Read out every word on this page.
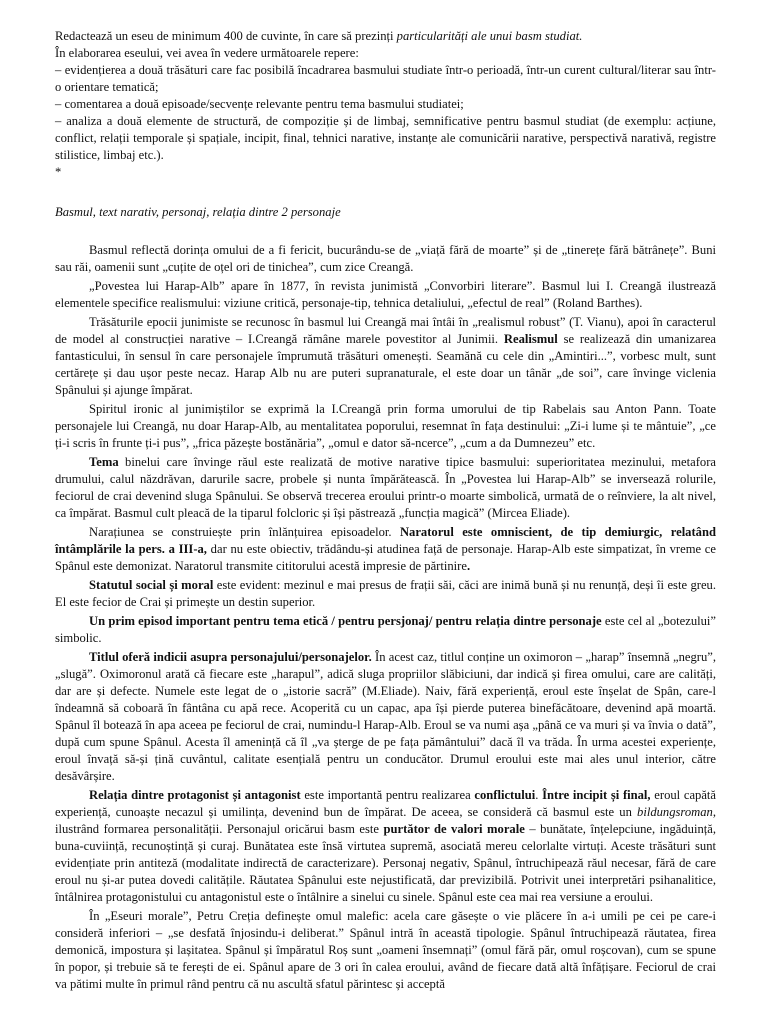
Redactează un eseu de minimum 400 de cuvinte, în care să prezinți particularități ale unui basm studiat.

În elaborarea eseului, vei avea în vedere următoarele repere:

– evidențierea a două trăsături care fac posibilă încadrarea basmului studiate într-o perioadă, într-un curent cultural/literar sau într-o orientare tematică;

– comentarea a două episoade/secvențe relevante pentru tema basmului studiatei;

– analiza a două elemente de structură, de compoziție și de limbaj, semnificative pentru basmul studiat (de exemplu: acțiune, conflict, relații temporale și spațiale, incipit, final, tehnici narative, instanțe ale comunicării narative, perspectivă narativă, registre stilistice, limbaj etc.).

*

Basmul, text narativ, personaj, relația dintre 2 personaje

Basmul reflectă dorința omului de a fi fericit, bucurându-se de „viață fără de moarte” și de „tinerețe fără bătrânețe”. Buni sau răi, oamenii sunt „cuțite de oțel ori de tinichea”, cum zice Creangă.

„Povestea lui Harap-Alb” apare în 1877, în revista junimistă „Convorbiri literare”. Basmul lui I. Creangă ilustrează elementele specifice realismului: viziune critică, personaje-tip, tehnica detaliului, „efectul de real” (Roland Barthes).

Trăsăturile epocii junimiste se recunosc în basmul lui Creangă mai întâi în „realismul robust” (T. Vianu), apoi în caracterul de model al construcției narative – I.Creangă rămâne marele povestitor al Junimii. Realismul se realizează din umanizarea fantasticului, în sensul în care personajele împrumută trăsături omenești. Seamănă cu cele din „Amintiri...”, vorbesc mult, sunt certărețe și dau ușor peste necaz. Harap Alb nu are puteri supranaturale, el este doar un tânăr „de soi”, care învinge viclenia Spânului și ajunge împărat.

Spiritul ironic al junimiștilor se exprimă la I.Creangă prin forma umorului de tip Rabelais sau Anton Pann. Toate personajele lui Creangă, nu doar Harap-Alb, au mentalitatea poporului, resemnat în fața destinului: „Zi-i lume și te mântuie”, „ce ți-i scris în frunte ți-i pus”, „frica păzește bostănăria”, „omul e dator să-ncerce”, „cum a da Dumnezeu” etc.

Tema binelui care învinge răul este realizată de motive narative tipice basmului: superioritatea mezinului, metafora drumului, calul năzdrăvan, darurile sacre, probele și nunta împărătească. În „Povestea lui Harap-Alb” se inversează rolurile, feciorul de crai devenind sluga Spânului. Se observă trecerea eroului printr-o moarte simbolică, urmată de o reînviere, la alt nivel, ca împărat. Basmul cult pleacă de la tiparul folcloric și își păstrează „funcția magică” (Mircea Eliade).

Narațiunea se construiește prin înlănțuirea episoadelor. Naratorul este omniscient, de tip demiurgic, relatând întâmplările la pers. a III-a, dar nu este obiectiv, trădându-și atudinea față de personaje. Harap-Alb este simpatizat, în vreme ce Spânul este demonizat. Naratorul transmite cititorului acestă impresie de părtinire.

Statutul social și moral este evident: mezinul e mai presus de frații săi, căci are inimă bună și nu renunță, deși îi este greu. El este fecior de Crai și primește un destin superior.

Un prim episod important pentru tema etică / pentru persjonaj/ pentru relația dintre personaje este cel al „botezului” simbolic.

Titlul oferă indicii asupra personajului/personajelor. În acest caz, titlul conține un oximoron – „harap” însemnă „negru”, „slugă”. Oximoronul arată că fiecare este „harapul”, adică sluga propriilor slăbiciuni, dar indică și firea omului, care are calități, dar are și defecte. Numele este legat de o „istorie sacră” (M.Eliade). Naiv, fără experiență, eroul este înșelat de Spân, care-l îndeamnă să coboară în fântâna cu apă rece. Acoperită cu un capac, apa își pierde puterea binefăcătoare, devenind apă moartă. Spânul îl botează în apa aceea pe feciorul de crai, numindu-l Harap-Alb. Eroul se va numi așa „până ce va muri și va învia o dată”, după cum spune Spânul. Acesta îl amenință că îl „va șterge de pe fața pământului” dacă îl va trăda. În urma acestei experiențe, eroul învață să-și țină cuvântul, calitate esențială pentru un conducător. Drumul eroului este mai ales unul interior, către desăvârșire.

Relația dintre protagonist și antagonist este importantă pentru realizarea conflictului. Între incipit și final, eroul capătă experiență, cunoaște necazul și umilința, devenind bun de împărat. De aceea, se consideră că basmul este un bildungsroman, ilustrând formarea personalității. Personajul oricărui basm este purtător de valori morale – bunătate, înțelepciune, ingăduință, buna-cuviință, recunoștință și curaj. Bunătatea este însă virtutea supremă, asociată mereu celorlalte virtuți. Aceste trăsături sunt evidențiate prin antiteză (modalitate indirectă de caracterizare). Personaj negativ, Spânul, întruchipează răul necesar, fără de care eroul nu și-ar putea dovedi calitățile. Răutatea Spânului este nejustificată, dar previzibilă. Potrivit unei interpretări psihanalitice, întâlnirea protagonistului cu antagonistul este o întâlnire a sinelui cu sinele. Spânul este cea mai rea versiune a eroului.

În „Eseuri morale”, Petru Creția definește omul malefic: acela care găsește o vie plăcere în a-i umili pe cei pe care-i consideră inferiori – „se desfată înjosindu-i deliberat.” Spânul intră în această tipologie. Spânul întruchipează răutatea, firea demonică, impostura și lașitatea. Spânul și împăratul Roș sunt „oameni însemnați” (omul fără păr, omul roșcovan), cum se spune în popor, și trebuie să te ferești de ei. Spânul apare de 3 ori în calea eroului, având de fiecare dată altă înfățișare. Feciorul de crai va pătimi multe în primul rând pentru că nu ascultă sfatul părintesc și acceptă
